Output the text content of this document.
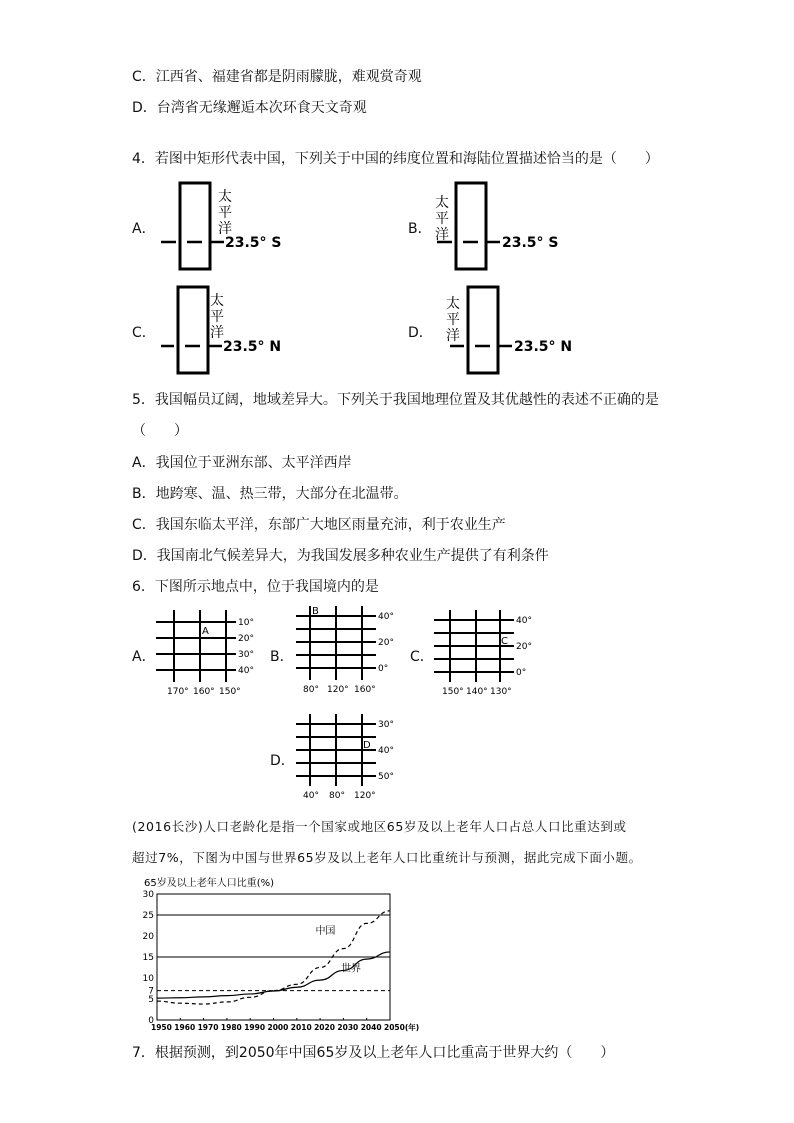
C．江西省、福建省都是阴雨朦胧，难观赏奇观
D．台湾省无缘邂逅本次环食天文奇观
4．若图中矩形代表中国，下列关于中国的纬度位置和海陆位置描述恰当的是（　　）
A．	B．
C．	D．
太
平
洋
23.5° S
太
平
洋	23.5° S
太
平
洋
23.5° N
太
平
洋
23.5° N
5．我国幅员辽阔，地域差异大。下列关于我国地理位置及其优越性的表述不正确的是
（　　）
A．我国位于亚洲东部、太平洋西岸
B．地跨寒、温、热三带，大部分在北温带。
C．我国东临太平洋，东部广大地区雨量充沛，利于农业生产
D．我国南北气候差异大，为我国发展多种农业生产提供了有利条件
6．下图所示地点中，位于我国境内的是
A．	B．	C．
D．
A
10°
20°
30°
40°
170° 160° 150°
B	40°
20°
0°
80° 120° 160°
C
40°
20°
0°
150° 140° 130°
D
30°
40°
50°
40° 80° 120°
(2016长沙)人口老龄化是指一个国家或地区65岁及以上老年人口占总人口比重达到或
超过7%，下图为中国与世界65岁及以上老年人口比重统计与预测，据此完成下面小题。
65岁及以上老年人口比重(%)
0
5
7
10
15
20
25
30
1950 1960 1970 1980 1990 2000 2010 2020 2030 2040 2050(年)
中国
世界
7．根据预测，到2050年中国65岁及以上老年人口比重高于世界大约（　　）
